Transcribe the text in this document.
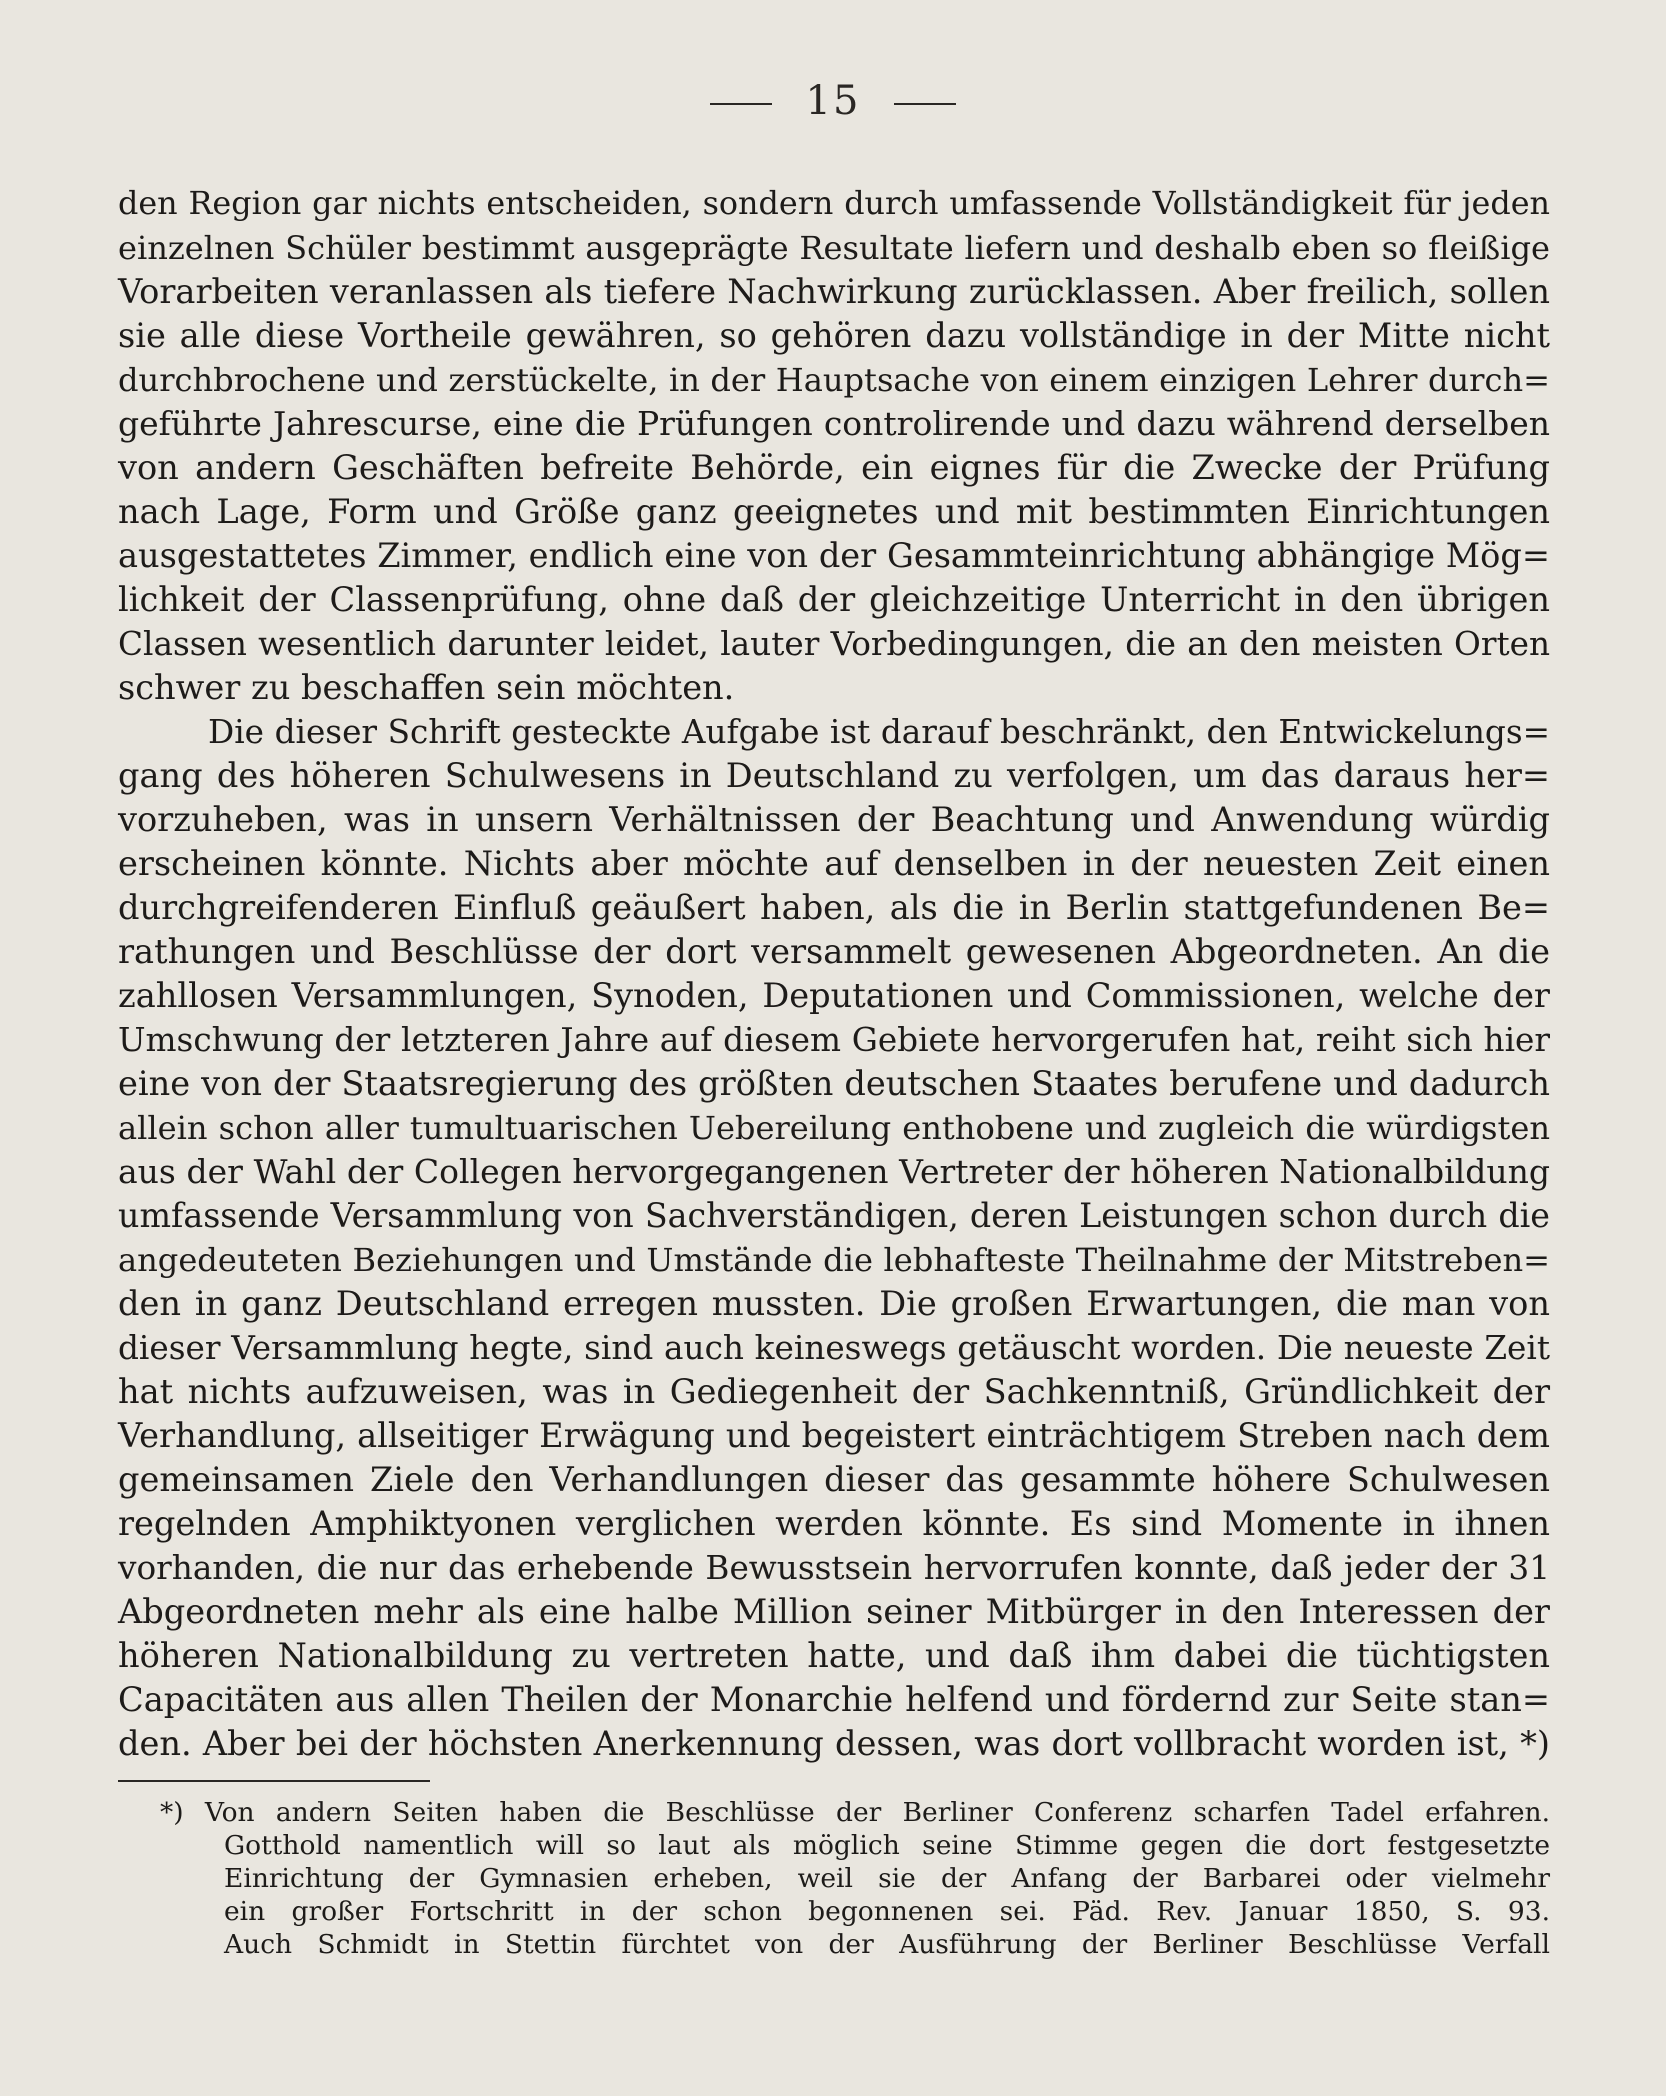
15

den Region gar nichts entscheiden, sondern durch umfassende Vollständigkeit für jeden
einzelnen Schüler bestimmt ausgeprägte Resultate liefern und deshalb eben so fleißige
Vorarbeiten veranlassen als tiefere Nachwirkung zurücklassen. Aber freilich, sollen
sie alle diese Vortheile gewähren, so gehören dazu vollständige in der Mitte nicht
durchbrochene und zerstückelte, in der Hauptsache von einem einzigen Lehrer durch=
geführte Jahrescurse, eine die Prüfungen controlirende und dazu während derselben
von andern Geschäften befreite Behörde, ein eignes für die Zwecke der Prüfung
nach Lage, Form und Größe ganz geeignetes und mit bestimmten Einrichtungen
ausgestattetes Zimmer, endlich eine von der Gesammteinrichtung abhängige Mög=
lichkeit der Classenprüfung, ohne daß der gleichzeitige Unterricht in den übrigen
Classen wesentlich darunter leidet, lauter Vorbedingungen, die an den meisten Orten
schwer zu beschaffen sein möchten.

Die dieser Schrift gesteckte Aufgabe ist darauf beschränkt, den Entwickelungs=
gang des höheren Schulwesens in Deutschland zu verfolgen, um das daraus her=
vorzuheben, was in unsern Verhältnissen der Beachtung und Anwendung würdig
erscheinen könnte. Nichts aber möchte auf denselben in der neuesten Zeit einen
durchgreifenderen Einfluß geäußert haben, als die in Berlin stattgefundenen Be=
rathungen und Beschlüsse der dort versammelt gewesenen Abgeordneten. An die
zahllosen Versammlungen, Synoden, Deputationen und Commissionen, welche der
Umschwung der letzteren Jahre auf diesem Gebiete hervorgerufen hat, reiht sich hier
eine von der Staatsregierung des größten deutschen Staates berufene und dadurch
allein schon aller tumultuarischen Uebereilung enthobene und zugleich die würdigsten
aus der Wahl der Collegen hervorgegangenen Vertreter der höheren Nationalbildung
umfassende Versammlung von Sachverständigen, deren Leistungen schon durch die
angedeuteten Beziehungen und Umstände die lebhafteste Theilnahme der Mitstreben=
den in ganz Deutschland erregen mussten. Die großen Erwartungen, die man von
dieser Versammlung hegte, sind auch keineswegs getäuscht worden. Die neueste Zeit
hat nichts aufzuweisen, was in Gediegenheit der Sachkenntniß, Gründlichkeit der
Verhandlung, allseitiger Erwägung und begeistert einträchtigem Streben nach dem
gemeinsamen Ziele den Verhandlungen dieser das gesammte höhere Schulwesen
regelnden Amphiktyonen verglichen werden könnte. Es sind Momente in ihnen
vorhanden, die nur das erhebende Bewusstsein hervorrufen konnte, daß jeder der 31
Abgeordneten mehr als eine halbe Million seiner Mitbürger in den Interessen der
höheren Nationalbildung zu vertreten hatte, und daß ihm dabei die tüchtigsten
Capacitäten aus allen Theilen der Monarchie helfend und fördernd zur Seite stan=
den. Aber bei der höchsten Anerkennung dessen, was dort vollbracht worden ist, *)

*) Von andern Seiten haben die Beschlüsse der Berliner Conferenz scharfen Tadel erfahren.
Gotthold namentlich will so laut als möglich seine Stimme gegen die dort festgesetzte
Einrichtung der Gymnasien erheben, weil sie der Anfang der Barbarei oder vielmehr
ein großer Fortschritt in der schon begonnenen sei. Päd. Rev. Januar 1850, S. 93.
Auch Schmidt in Stettin fürchtet von der Ausführung der Berliner Beschlüsse Verfall
